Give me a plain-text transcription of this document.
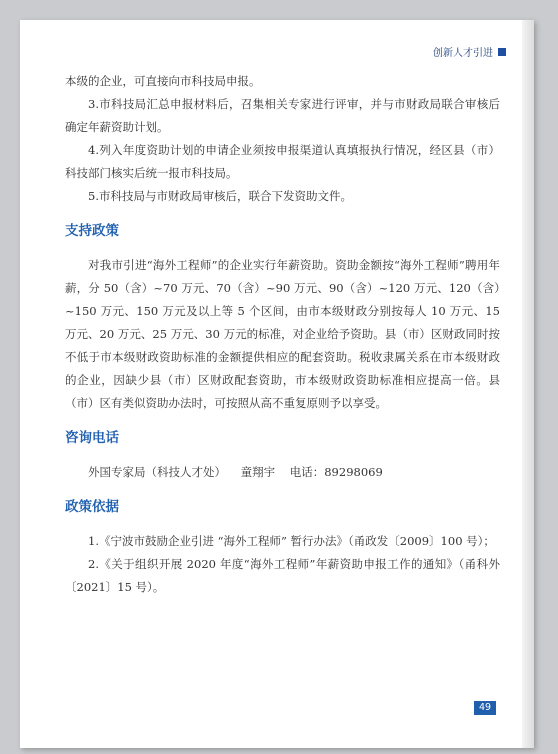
创新人才引进

本级的企业，可直接向市科技局申报。

3.市科技局汇总申报材料后，召集相关专家进行评审，并与市财政局联合审核后确定年薪资助计划。

4.列入年度资助计划的申请企业须按申报渠道认真填报执行情况，经区县（市）科技部门核实后统一报市科技局。

5.市科技局与市财政局审核后，联合下发资助文件。

支持政策

对我市引进“海外工程师”的企业实行年薪资助。资助金额按“海外工程师”聘用年薪，分 50（含）~70 万元、70（含）~90 万元、90（含）~120 万元、120（含）~150 万元、150 万元及以上等 5 个区间，由市本级财政分别按每人 10 万元、15 万元、20 万元、25 万元、30 万元的标准，对企业给予资助。县（市）区财政同时按不低于市本级财政资助标准的金额提供相应的配套资助。税收隶属关系在市本级财政的企业，因缺少县（市）区财政配套资助，市本级财政资助标准相应提高一倍。县（市）区有类似资助办法时，可按照从高不重复原则予以享受。

咨询电话

外国专家局（科技人才处）    童翔宇    电话：89298069

政策依据

1.《宁波市鼓励企业引进 “海外工程师” 暂行办法》（甬政发〔2009〕100 号）；

2.《关于组织开展 2020 年度“海外工程师”年薪资助申报工作的通知》（甬科外〔2021〕15 号）。

49
